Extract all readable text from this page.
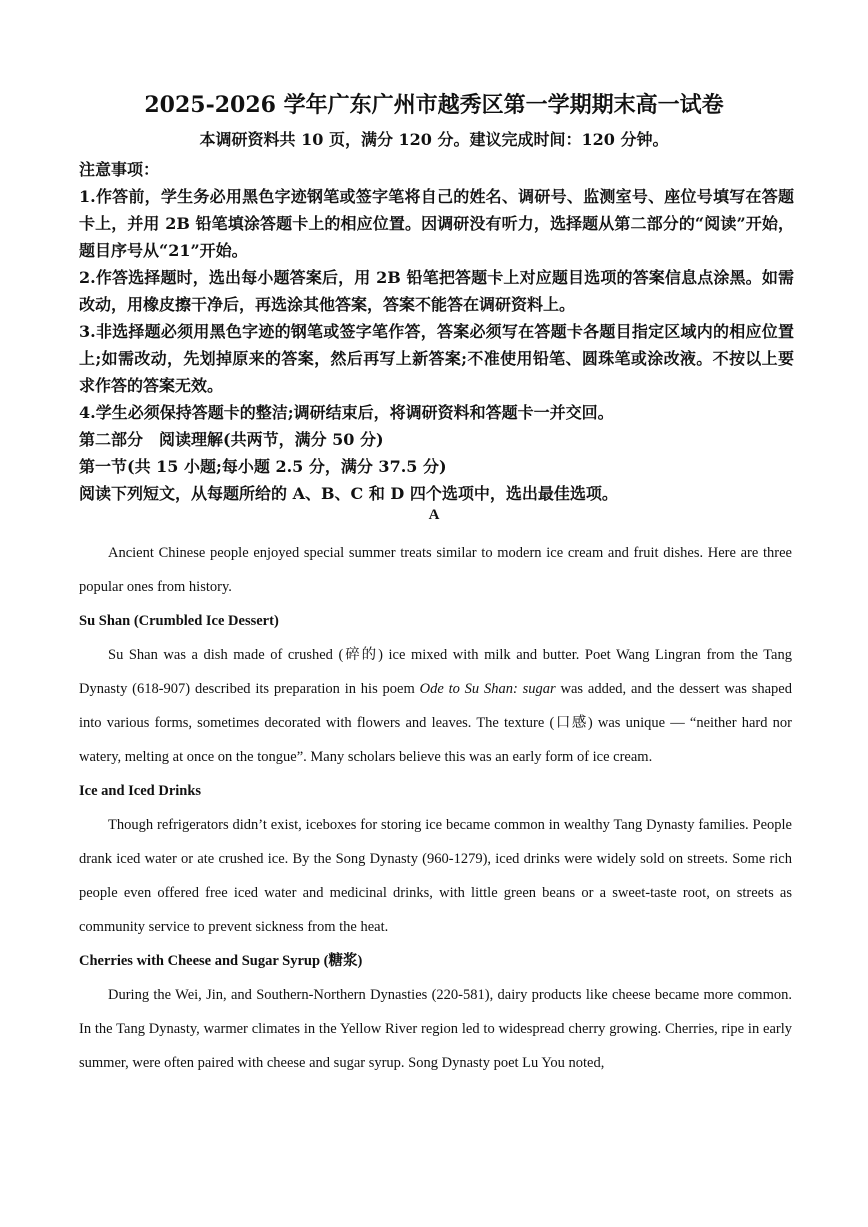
2025-2026 学年广东广州市越秀区第一学期期末高一试卷
本调研资料共 10 页，满分 120 分。建议完成时间：120 分钟。

注意事项：

1.作答前，学生务必用黑色字迹钢笔或签字笔将自己的姓名、调研号、监测室号、座位号填写在答题卡上，并用 2B 铅笔填涂答题卡上的相应位置。因调研没有听力，选择题从第二部分的“阅读”开始，题目序号从“21”开始。

2.作答选择题时，选出每小题答案后，用 2B 铅笔把答题卡上对应题目选项的答案信息点涂黑。如需改动，用橡皮擦干净后，再选涂其他答案，答案不能答在调研资料上。

3.非选择题必须用黑色字迹的钢笔或签字笔作答，答案必须写在答题卡各题目指定区域内的相应位置上;如需改动，先划掉原来的答案，然后再写上新答案;不准使用铅笔、圆珠笔或涂改液。不按以上要求作答的答案无效。

4.学生必须保持答题卡的整洁;调研结束后，将调研资料和答题卡一并交回。

第二部分　阅读理解(共两节，满分 50 分)

第一节(共 15 小题;每小题 2.5 分，满分 37.5 分)

阅读下列短文，从每题所给的 A、B、C 和 D 四个选项中，选出最佳选项。

A

Ancient Chinese people enjoyed special summer treats similar to modern ice cream and fruit dishes. Here are three popular ones from history.

Su Shan (Crumbled Ice Dessert)

Su Shan was a dish made of crushed (碎的) ice mixed with milk and butter. Poet Wang Lingran from the Tang Dynasty (618-907) described its preparation in his poem Ode to Su Shan: sugar was added, and the dessert was shaped into various forms, sometimes decorated with flowers and leaves. The texture (口感) was unique — “neither hard nor watery, melting at once on the tongue”. Many scholars believe this was an early form of ice cream.

Ice and Iced Drinks

Though refrigerators didn’t exist, iceboxes for storing ice became common in wealthy Tang Dynasty families. People drank iced water or ate crushed ice. By the Song Dynasty (960-1279), iced drinks were widely sold on streets. Some rich people even offered free iced water and medicinal drinks, with little green beans or a sweet-taste root, on streets as community service to prevent sickness from the heat.

Cherries with Cheese and Sugar Syrup (糖浆)

During the Wei, Jin, and Southern-Northern Dynasties (220-581), dairy products like cheese became more common. In the Tang Dynasty, warmer climates in the Yellow River region led to widespread cherry growing. Cherries, ripe in early summer, were often paired with cheese and sugar syrup. Song Dynasty poet Lu You noted,
